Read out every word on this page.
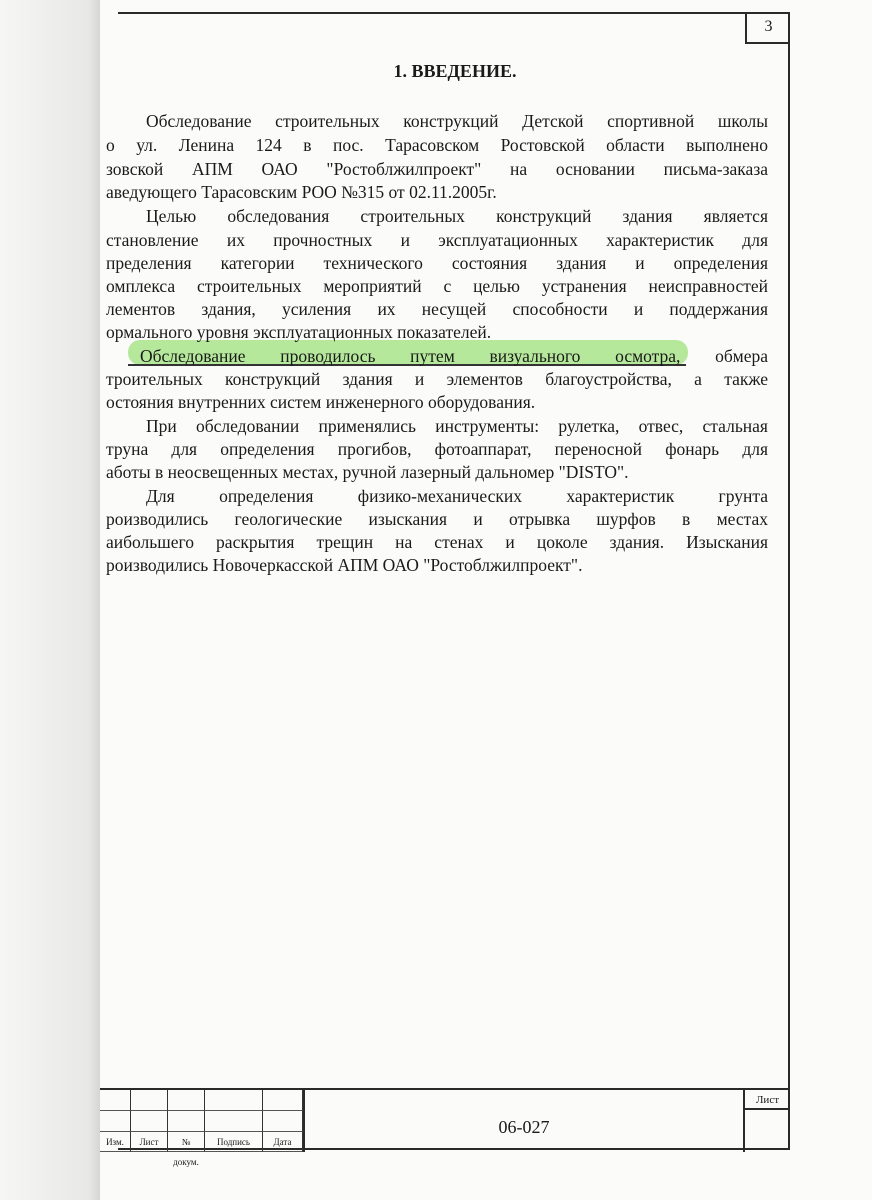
3
1. ВВЕДЕНИЕ.
Обследование строительных конструкций Детской спортивной школы
о ул. Ленина 124 в пос. Тарасовском Ростовской области выполнено
зовской АПМ ОАО "Ростоблжилпроект" на основании письма-заказа
аведующего Тарасовским РОО №315 от 02.11.2005г.
Целью обследования строительных конструкций здания является
становление их прочностных и эксплуатационных характеристик для
пределения категории технического состояния здания и определения
омплекса строительных мероприятий с целью устранения неисправностей
лементов здания, усиления их несущей способности и поддержания
ормального уровня эксплуатационных показателей.
Обследование проводилось путем визуального осмотра, обмера
троительных конструкций здания и элементов благоустройства, а также
остояния внутренних систем инженерного оборудования.
При обследовании применялись инструменты: рулетка, отвес, стальная
труна для определения прогибов, фотоаппарат, переносной фонарь для
аботы в неосвещенных местах, ручной лазерный дальномер "DISTO".
Для определения физико-механических характеристик грунта
роизводились геологические изыскания и отрывка шурфов в местах
аибольшего раскрытия трещин на стенах и цоколе здания. Изыскания
роизводились Новочеркасской АПМ ОАО "Ростоблжилпроект".
Изм.	Лист	№ докум.
Подпись	Дата
06-027
Лист
